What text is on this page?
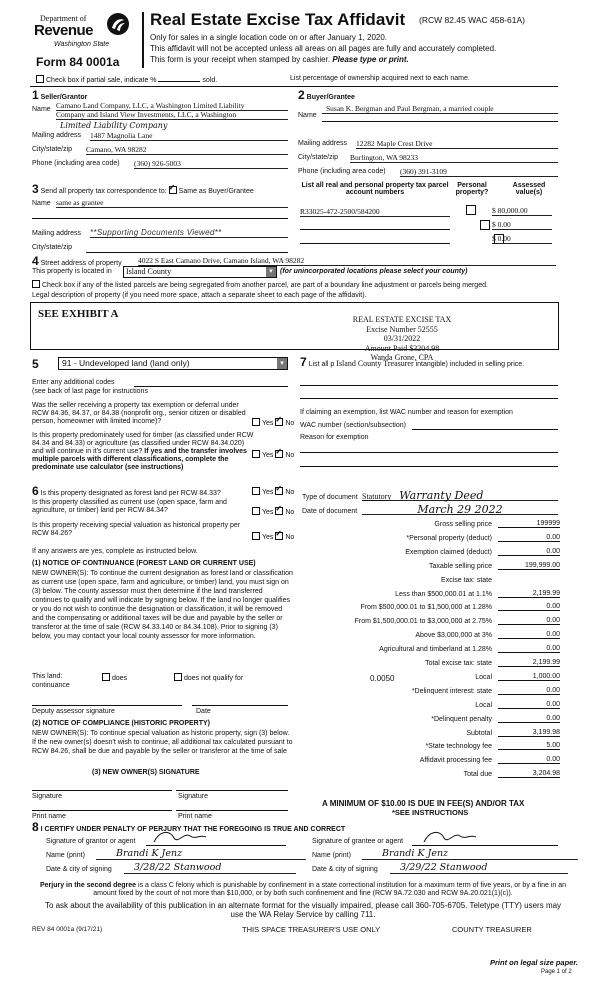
Department of
Revenue
Washington State
Form 84 0001a
Real Estate Excise Tax Affidavit (RCW 82.45 WAC 458-61A)
Only for sales in a single location code on or after January 1, 2020.
This affidavit will not be accepted unless all areas on all pages are fully and accurately completed.
This form is your receipt when stamped by cashier. Please type or print.
Check box if partial sale, indicate %	sold.	List percentage of ownership acquired next to each name.
1 Seller/Grantor
Name Camano Land Company, LLC, a Washington Limited Liability
Company and Island View Investments, LLC, a Washington
Limited Liability Company
Mailing address 1487 Magnolia Lane
City/state/zip Camano, WA 98282
Phone (including area code) (360) 926-5003
2 Buyer/Grantee
Name
Susan K. Bergman and Paul Bergman, a married couple
Mailing address 12282 Maple Crest Drive
City/state/zip Burlington, WA 98233
Phone (including area code) (360) 391-3109
3 Send all property tax correspondence to: ✓ Same as Buyer/Grantee
Name same as grantee
Mailing address **Supporting Documents Viewed**
City/state/zip
List all real and personal property tax parcel account numbers
Personal property?
Assessed value(s)
R33025-472-2500/584200
	$ 80,000.00
$ 0.00
$ 0.00
4 Street address of property 4022 S East Camano Drive, Camano Island, WA 98282
This property is located in Island County	▾	(for unincorporated locations please select your county)
Check box if any of the listed parcels are being segregated from another parcel, are part of a boundary line adjustment or parcels being merged.
Legal description of property (if you need more space, attach a separate sheet to each page of the affidavit).
SEE EXHIBIT A	REAL ESTATE EXCISE TAX
Excise Number 52555
03/31/2022
Amount Paid $3204.98
Wanda Grone, CPA
5	91 - Undeveloped land (land only)	▾
Enter any additional codes
(see back of last page for instructions
Was the seller receiving a property tax exemption or deferral under RCW 84.36, 84.37, or 84.38 (nonprofit org., senior citizen or disabled person, homeowner with limited income)?	Yes ✓ No
Is this property predominately used for timber (as classified under RCW 84.34 and 84.33) or agriculture (as classified under RCW 84.34.020) and will continue in it's current use? If yes and the transfer involves multiple parcels with different classifications, complete the predominate use calculator (see instructions)
Yes ✓ No
7 List all p Island County Treasurer intangible) included in selling price.
If claiming an exemption, list WAC number and reason for exemption
WAC number (section/subsection)
Reason for exemption
6 Is this property designated as forest land per RCW 84.33?	Yes ✓ No
Is this property classified as current use (open space, farm and agriculture, or timber) land per RCW 84.34?	Yes ✓ No
Is this property receiving special valuation as historical property per RCW 84.26?
Yes ✓ No
If any answers are yes, complete as instructed below.
(1) NOTICE OF CONTINUANCE (FOREST LAND OR CURRENT USE)
NEW OWNER(S): To continue the current designation as forest land or classification as current use (open space, farm and agriculture, or timber) land, you must sign on (3) below. The county assessor must then determine if the land transferred continues to qualify and will indicate by signing below. If the land no longer qualifies or you do not wish to continue the designation or classification, it will be removed and the compensating or additional taxes will be due and payable by the seller or transferor at the time of sale (RCW 84.33.140 or 84.34.108). Prior to signing (3) below, you may contact your local county assessor for more information.
This land:
continuance
does	does not qualify for
Deputy assessor signature	Date
(2) NOTICE OF COMPLIANCE (HISTORIC PROPERTY)
NEW OWNER(S): To continue special valuation as historic property, sign (3) below. If the new owner(s) doesn't wish to continue, all additional tax calculated pursuant to RCW 84.26, shall be due and payable by the seller or transferor at the time of sale
(3) NEW OWNER(S) SIGNATURE
Signature	Signature
Print name	Print name
Type of document Statutory Warranty Deed
Date of document	March 29 2022
Gross selling price	199999
*Personal property (deduct)	0.00
Exemption claimed (deduct)	0.00
Taxable selling price	199,999.00
Excise tax: state
Less than $500,000.01 at 1.1%	2,199.99
From $500,000.01 to $1,500,000 at 1.28%	0.00
From $1,500,000.01 to $3,000,000 at 2.75%	0.00
Above $3,000,000 at 3%	0.00
Agricultural and timberland at 1.28%	0.00
Total excise tax: state	2,199.99
0.0050	Local	1,000.00
*Delinquent interest: state	0.00
Local	0.00
*Delinquent penalty	0.00
Subtotal	3,199.98
*State technology fee	5.00
Affidavit processing fee	0.00
Total due	3,204.98
A MINIMUM OF $10.00 IS DUE IN FEE(S) AND/OR TAX
*SEE INSTRUCTIONS
8 I CERTIFY UNDER PENALTY OF PERJURY THAT THE FOREGOING IS TRUE AND CORRECT
Signature of grantor or agent
Name (print)	Brandi K Jenz
Date & city of signing	3/28/22 Stanwood
Signature of grantee or agent
Name (print)	Brandi K Jenz
Date & city of signing	3/29/22 Stanwood
Perjury in the second degree is a class C felony which is punishable by confinement in a state correctional institution for a maximum term of five years, or by a fine in an amount fixed by the court of not more than $10,000, or by both such confinement and fine (RCW 9A.72.030 and RCW 9A.20.021(1)(c)).
To ask about the availability of this publication in an alternate format for the visually impaired, please call 360-705-6705. Teletype (TTY) users may use the WA Relay Service by calling 711.
REV 84 0001a (9/17/21)	THIS SPACE TREASURER'S USE ONLY	COUNTY TREASURER
Print on legal size paper.
Page 1 of 2
